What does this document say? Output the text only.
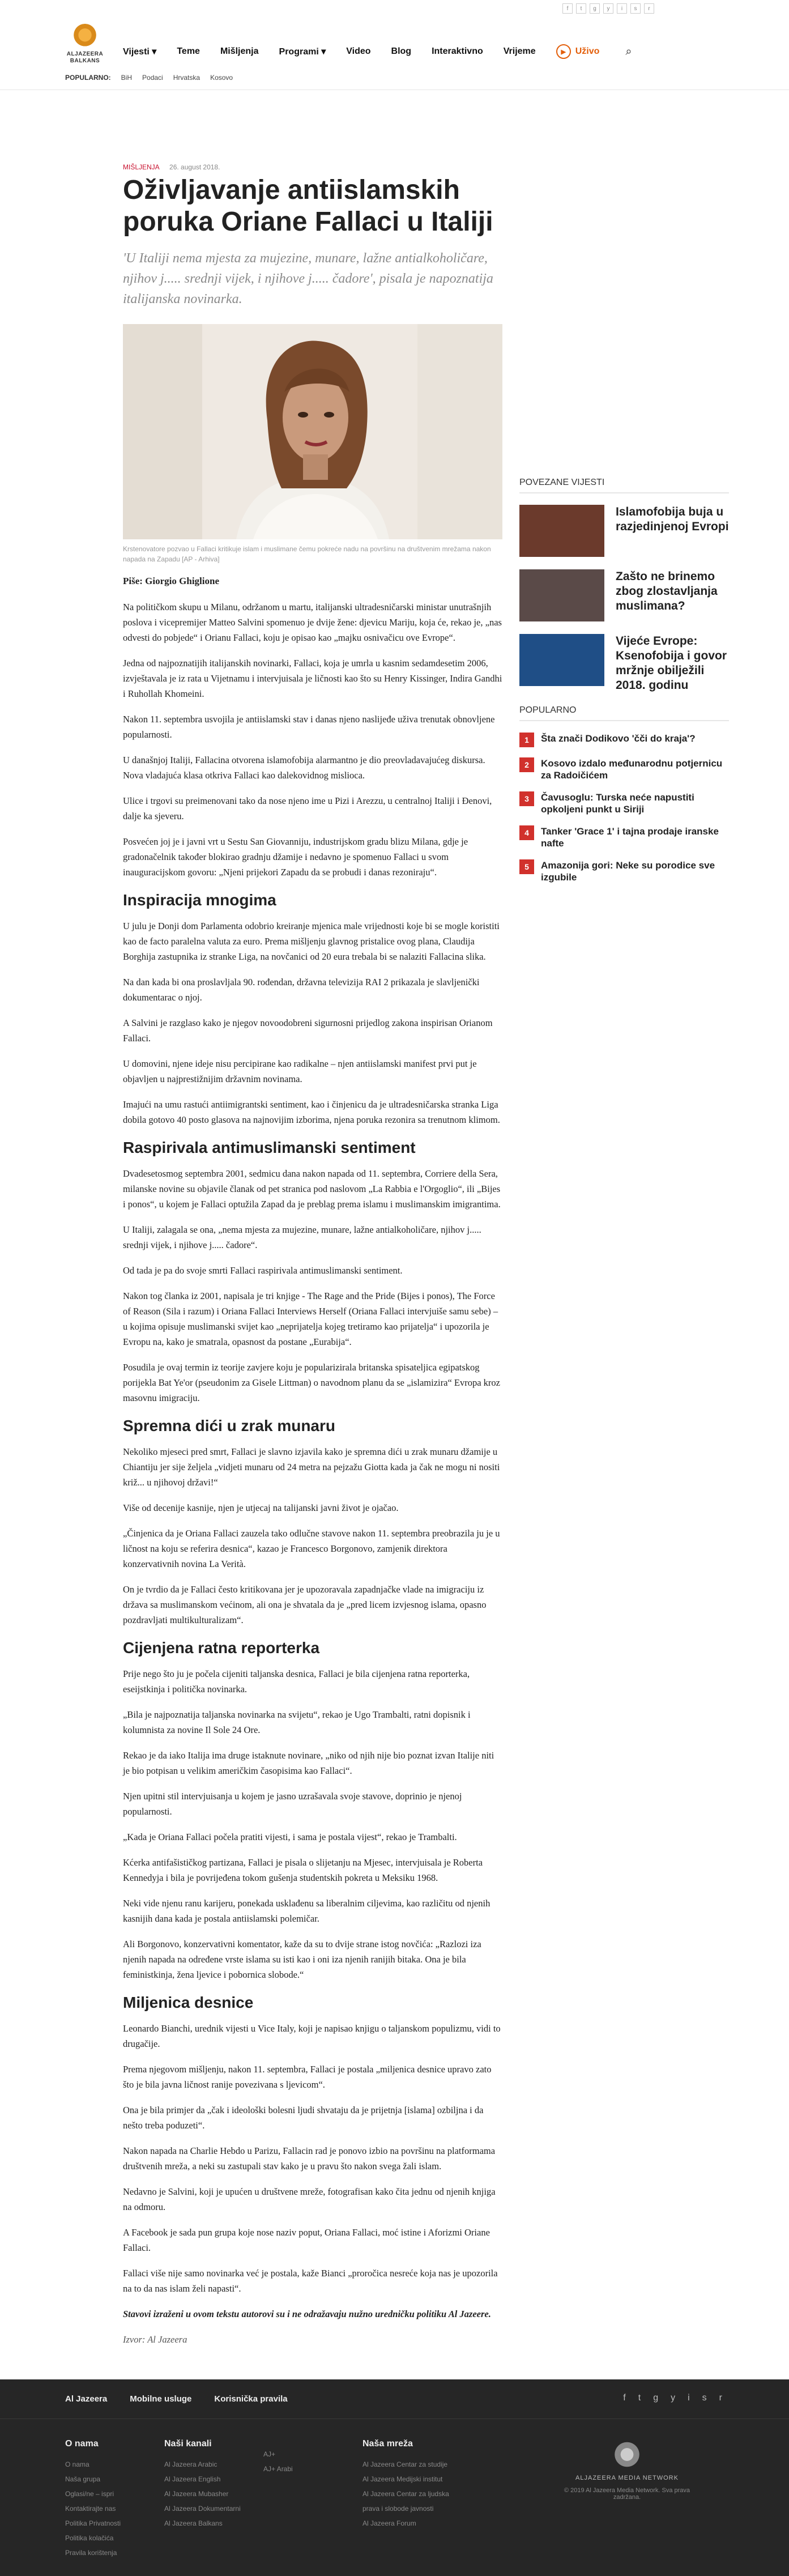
f	t	g	y	i	s	r
ALJAZEERA
BALKANS
Vijesti ▾ Teme Mišljenja Programi ▾ Video Blog Interaktivno Vrijeme	▶	Uživo ⌕
POPULARNO: BiH Podaci Hrvatska Kosovo
MIŠLJENJA 26. august 2018.
Oživljavanje antiislamskih poruka Oriane Fallaci u Italiji
'U Italiji nema mjesta za mujezine, munare, lažne antialkoholičare, njihov j..... srednji vijek, i njihove j..... čadore', pisala je napoznatija italijanska novinarka.
Krstenovatore pozvao u Fallaci kritikuje islam i muslimane čemu pokreće nadu na površinu na društvenim mrežama nakon napada na Zapadu [AP - Arhiva]
Piše: Giorgio Ghiglione

Na političkom skupu u Milanu, održanom u martu, italijanski ultradesničarski ministar unutrašnjih poslova i vicepremijer Matteo Salvini spomenuo je dvije žene: djevicu Mariju, koja će, rekao je, „nas odvesti do pobjede“ i Orianu Fallaci, koju je opisao kao „majku osnivačicu ove Evrope“.

Jedna od najpoznatijih italijanskih novinarki, Fallaci, koja je umrla u kasnim sedamdesetim 2006, izvještavala je iz rata u Vijetnamu i intervjuisala je ličnosti kao što su Henry Kissinger, Indira Gandhi i Ruhollah Khomeini.

Nakon 11. septembra usvojila je antiislamski stav i danas njeno naslijeđe uživa trenutak obnovljene popularnosti.

U današnjoj Italiji, Fallacina otvorena islamofobija alarmantno je dio preovladavajućeg diskursa. Nova vladajuća klasa otkriva Fallaci kao dalekovidnog mislioca.

Ulice i trgovi su preimenovani tako da nose njeno ime u Pizi i Arezzu, u centralnoj Italiji i Đenovi, dalje ka sjeveru.

Posvećen joj je i javni vrt u Sestu San Giovanniju, industrijskom gradu blizu Milana, gdje je gradonačelnik također blokirao gradnju džamije i nedavno je spomenuo Fallaci u svom inauguracijskom govoru: „Njeni prijekori Zapadu da se probudi i danas rezoniraju“.

Inspiracija mnogima

U julu je Donji dom Parlamenta odobrio kreiranje mjenica male vrijednosti koje bi se mogle koristiti kao de facto paralelna valuta za euro. Prema mišljenju glavnog pristalice ovog plana, Claudija Borghija zastupnika iz stranke Liga, na novčanici od 20 eura trebala bi se nalaziti Fallacina slika.

Na dan kada bi ona proslavljala 90. rođendan, državna televizija RAI 2 prikazala je slavljenički dokumentarac o njoj.

A Salvini je razglaso kako je njegov novoodobreni sigurnosni prijedlog zakona inspirisan Orianom Fallaci.

U domovini, njene ideje nisu percipirane kao radikalne – njen antiislamski manifest prvi put je objavljen u najprestižnijim državnim novinama.

Imajući na umu rastući antiimigrantski sentiment, kao i činjenicu da je ultradesničarska stranka Liga dobila gotovo 40 posto glasova na najnovijim izborima, njena poruka rezonira sa trenutnom klimom.

Raspirivala antimuslimanski sentiment

Dvadesetosmog septembra 2001, sedmicu dana nakon napada od 11. septembra, Corriere della Sera, milanske novine su objavile članak od pet stranica pod naslovom „La Rabbia e l'Orgoglio“, ili „Bijes i ponos“, u kojem je Fallaci optužila Zapad da je preblag prema islamu i muslimanskim imigrantima.

U Italiji, zalagala se ona, „nema mjesta za mujezine, munare, lažne antialkoholičare, njihov j..... srednji vijek, i njihove j..... čadore“.

Od tada je pa do svoje smrti Fallaci raspirivala antimuslimanski sentiment.

Nakon tog članka iz 2001, napisala je tri knjige - The Rage and the Pride (Bijes i ponos), The Force of Reason (Sila i razum) i Oriana Fallaci Interviews Herself (Oriana Fallaci intervjuiše samu sebe) – u kojima opisuje muslimanski svijet kao „neprijatelja kojeg tretiramo kao prijatelja“ i upozorila je Evropu na, kako je smatrala, opasnost da postane „Eurabija“.

Posudila je ovaj termin iz teorije zavjere koju je popularizirala britanska spisateljica egipatskog porijekla Bat Ye'or (pseudonim za Gisele Littman) o navodnom planu da se „islamizira“ Evropa kroz masovnu imigraciju.

Spremna dići u zrak munaru

Nekoliko mjeseci pred smrt, Fallaci je slavno izjavila kako je spremna dići u zrak munaru džamije u Chiantiju jer sije željela „vidjeti munaru od 24 metra na pejzažu Giotta kada ja čak ne mogu ni nositi križ... u njihovoj državi!“

Više od decenije kasnije, njen je utjecaj na talijanski javni život je ojačao.

„Činjenica da je Oriana Fallaci zauzela tako odlučne stavove nakon 11. septembra preobrazila ju je u ličnost na koju se referira desnica“, kazao je Francesco Borgonovo, zamjenik direktora konzervativnih novina La Verità.

On je tvrdio da je Fallaci često kritikovana jer je upozoravala zapadnjačke vlade na imigraciju iz država sa muslimanskom većinom, ali ona je shvatala da je „pred licem izvjesnog islama, opasno pozdravljati multikulturalizam“.

Cijenjena ratna reporterka

Prije nego što ju je počela cijeniti taljanska desnica, Fallaci je bila cijenjena ratna reporterka, eseijstkinja i politička novinarka.

„Bila je najpoznatija taljanska novinarka na svijetu“, rekao je Ugo Trambalti, ratni dopisnik i kolumnista za novine Il Sole 24 Ore.

Rekao je da iako Italija ima druge istaknute novinare, „niko od njih nije bio poznat izvan Italije niti je bio potpisan u velikim američkim časopisima kao Fallaci“.

Njen upitni stil intervjuisanja u kojem je jasno uzrašavala svoje stavove, doprinio je njenoj popularnosti.

„Kada je Oriana Fallaci počela pratiti vijesti, i sama je postala vijest“, rekao je Trambalti.

Kćerka antifašističkog partizana, Fallaci je pisala o slijetanju na Mjesec, intervjuisala je Roberta Kennedyja i bila je povrijeđena tokom gušenja studentskih pokreta u Meksiku 1968.

Neki vide njenu ranu karijeru, ponekada usklađenu sa liberalnim ciljevima, kao različitu od njenih kasnijih dana kada je postala antiislamski polemičar.

Ali Borgonovo, konzervativni komentator, kaže da su to dvije strane istog novčića: „Razlozi iza njenih napada na određene vrste islama su isti kao i oni iza njenih ranijih bitaka. Ona je bila feministkinja, žena ljevice i pobornica slobode.“

Miljenica desnice

Leonardo Bianchi, urednik vijesti u Vice Italy, koji je napisao knjigu o taljanskom populizmu, vidi to drugačije.

Prema njegovom mišljenju, nakon 11. septembra, Fallaci je postala „miljenica desnice upravo zato što je bila javna ličnost ranije povezivana s ljevicom“.

Ona je bila primjer da „čak i ideološki bolesni ljudi shvataju da je prijetnja [islama] ozbiljna i da nešto treba poduzeti“.

Nakon napada na Charlie Hebdo u Parizu, Fallacin rad je ponovo izbio na površinu na platformama društvenih mreža, a neki su zastupali stav kako je u pravu što nakon svega žali islam.

Nedavno je Salvini, koji je upućen u društvene mreže, fotografisan kako čita jednu od njenih knjiga na odmoru.

A Facebook je sada pun grupa koje nose naziv poput, Oriana Fallaci, moć istine i Aforizmi Oriane Fallaci.

Fallaci više nije samo novinarka već je postala, kaže Bianci „proročica nesreće koja nas je upozorila na to da nas islam želi napasti“.

Stavovi izraženi u ovom tekstu autorovi su i ne odražavaju nužno uredničku politiku Al Jazeere.

Izvor: Al Jazeera

POVEZANE VIJESTI
Islamofobija buja u razjedinjenoj Evropi
Zašto ne brinemo zbog zlostavljanja muslimana?
Vijeće Evrope: Ksenofobija i govor mržnje obilježili 2018. godinu
POPULARNO
1	Šta znači Dodikovo 'čči do kraja'?
2	Kosovo izdalo međunarodnu potjernicu za Radoičićem
3	Čavusoglu: Turska neće napustiti opkoljeni punkt u Siriji
4	Tanker 'Grace 1' i tajna prodaje iranske nafte
5	Amazonija gori: Neke su porodice sve izgubile
Al Jazeera	Mobilne usluge	Korisnička pravila	f t g y i s r
O nama
O nama
Naša grupa
Oglasi/ne – ispri
Kontaktirajte nas
Politika Privatnosti
Politika kolačića
Pravila korištenja
Naši kanali
Al Jazeera Arabic
Al Jazeera English
Al Jazeera Mubasher
Al Jazeera Dokumentarni
Al Jazeera Balkans
AJ+
AJ+ Arabi
Naša mreža
Al Jazeera Centar za studije
Al Jazeera Medijski institut
Al Jazeera Centar za ljudska prava i slobode javnosti
Al Jazeera Forum
ALJAZEERA MEDIA NETWORK
© 2019 Al Jazeera Media Network. Sva prava zadržana.
